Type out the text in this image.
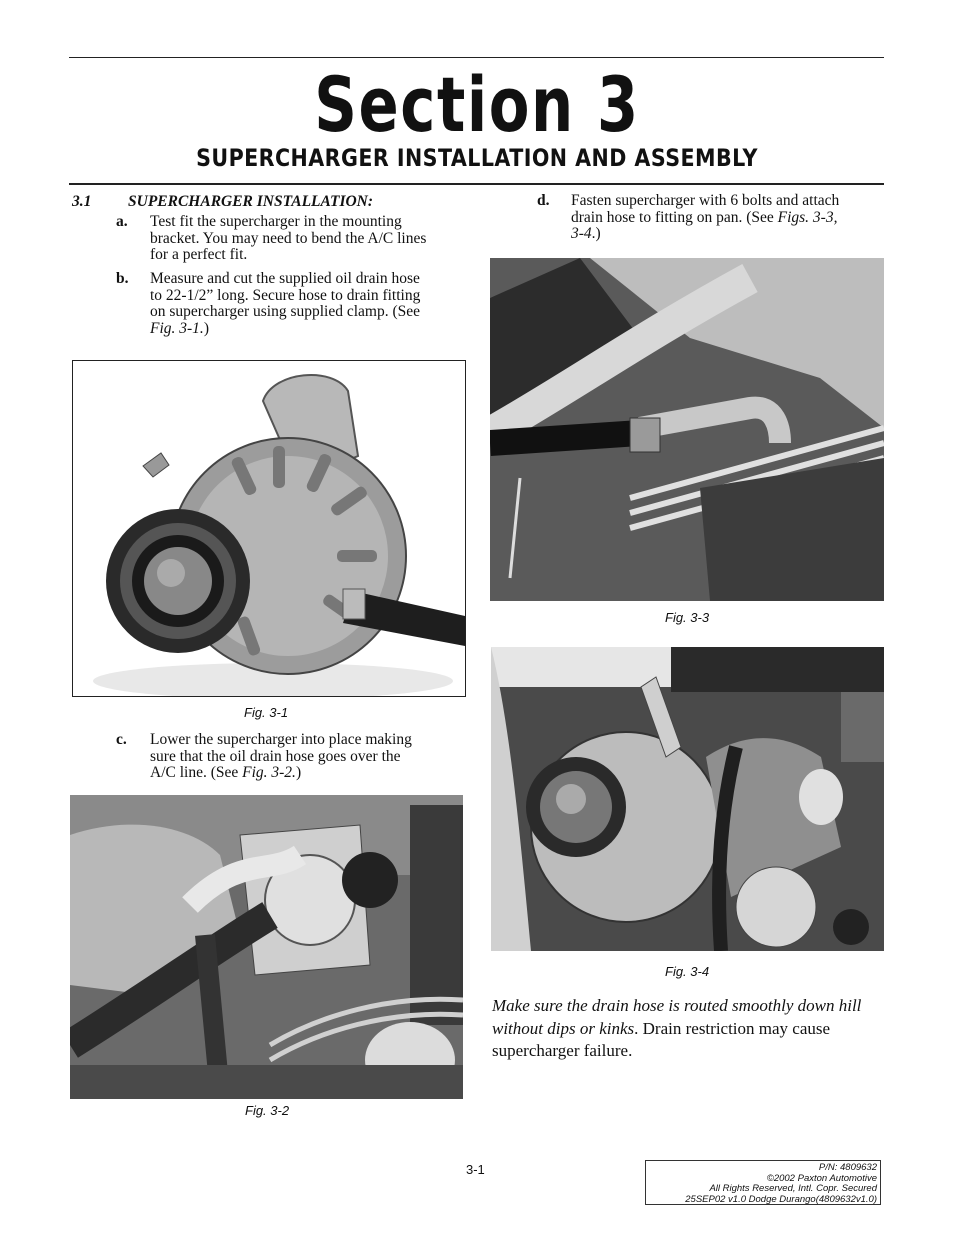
Section 3
SUPERCHARGER INSTALLATION AND ASSEMBLY
3.1 SUPERCHARGER INSTALLATION:
a. Test fit the supercharger in the mounting
bracket. You may need to bend the A/C lines
for a perfect fit.
b. Measure and cut the supplied oil drain hose
to 22-1/2” long. Secure hose to drain fitting
on supercharger using supplied clamp. (See
Fig. 3-1.)
Fig. 3-1
c. Lower the supercharger into place making
sure that the oil drain hose goes over the
A/C line. (See Fig. 3-2.)
Fig. 3-2
d. Fasten supercharger with 6 bolts and attach
drain hose to fitting on pan. (See Figs. 3-3,
3-4.)
Fig. 3-3
Fig. 3-4
Make sure the drain hose is routed smoothly down hill without dips or kinks. Drain restriction may cause supercharger failure.
3-1	P/N: 4809632
©2002 Paxton Automotive
All Rights Reserved, Intl. Copr. Secured
25SEP02 v1.0 Dodge Durango(4809632v1.0)
